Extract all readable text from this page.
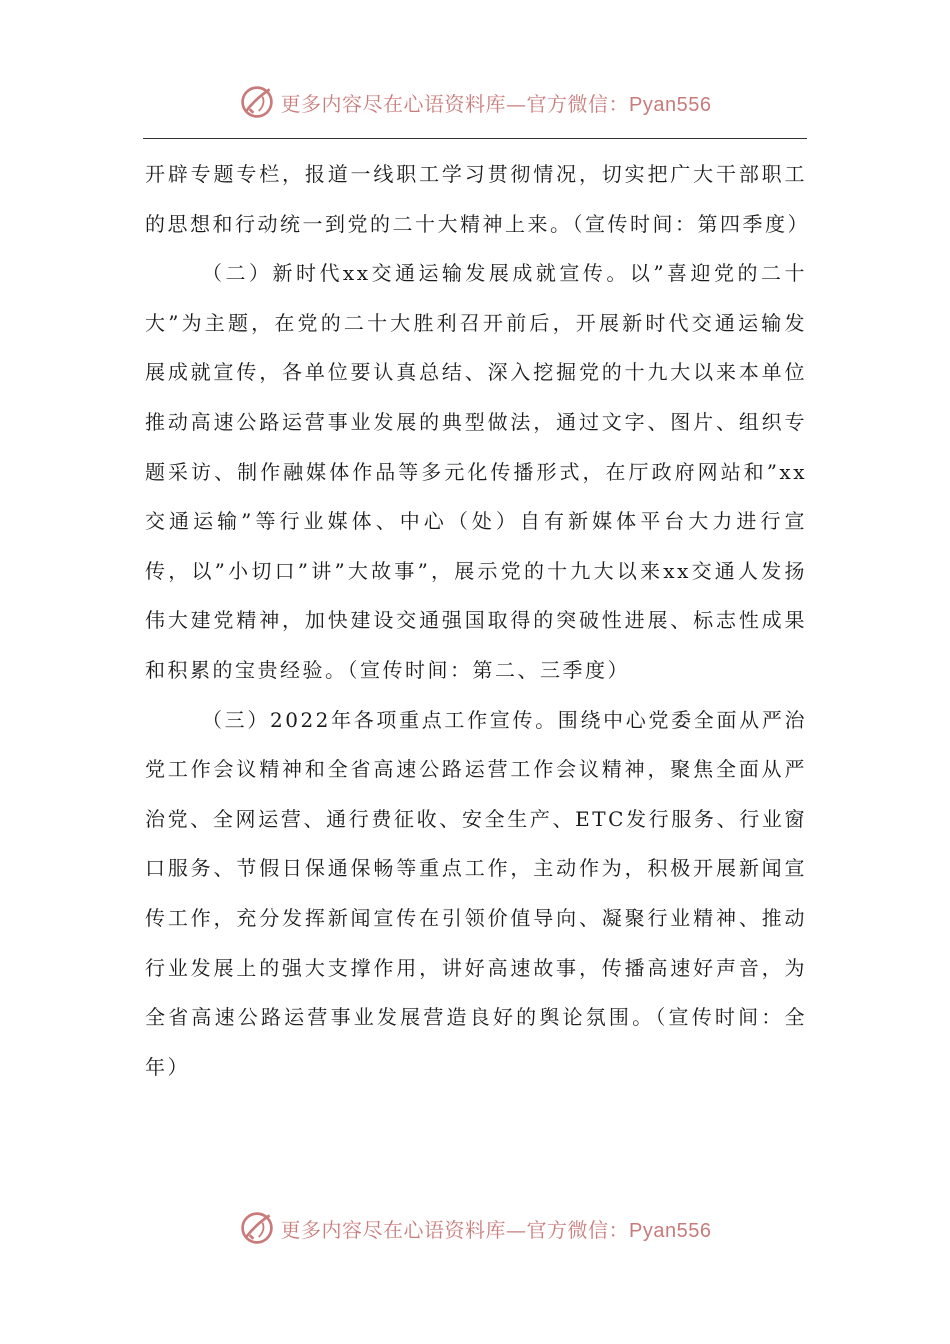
更多内容尽在心语资料库—官方微信：Pyan556

开辟专题专栏，报道一线职工学习贯彻情况，切实把广大干部职工的思想和行动统一到党的二十大精神上来。（宣传时间：第四季度）

（二）新时代xx交通运输发展成就宣传。以”喜迎党的二十大”为主题，在党的二十大胜利召开前后，开展新时代交通运输发展成就宣传，各单位要认真总结、深入挖掘党的十九大以来本单位推动高速公路运营事业发展的典型做法，通过文字、图片、组织专题采访、制作融媒体作品等多元化传播形式，在厅政府网站和”xx交通运输”等行业媒体、中心（处）自有新媒体平台大力进行宣传，以”小切口”讲”大故事”，展示党的十九大以来xx交通人发扬伟大建党精神，加快建设交通强国取得的突破性进展、标志性成果和积累的宝贵经验。（宣传时间：第二、三季度）

（三）2022年各项重点工作宣传。围绕中心党委全面从严治党工作会议精神和全省高速公路运营工作会议精神，聚焦全面从严治党、全网运营、通行费征收、安全生产、ETC发行服务、行业窗口服务、节假日保通保畅等重点工作，主动作为，积极开展新闻宣传工作，充分发挥新闻宣传在引领价值导向、凝聚行业精神、推动行业发展上的强大支撑作用，讲好高速故事，传播高速好声音，为全省高速公路运营事业发展营造良好的舆论氛围。（宣传时间：全年）

更多内容尽在心语资料库—官方微信：Pyan556
